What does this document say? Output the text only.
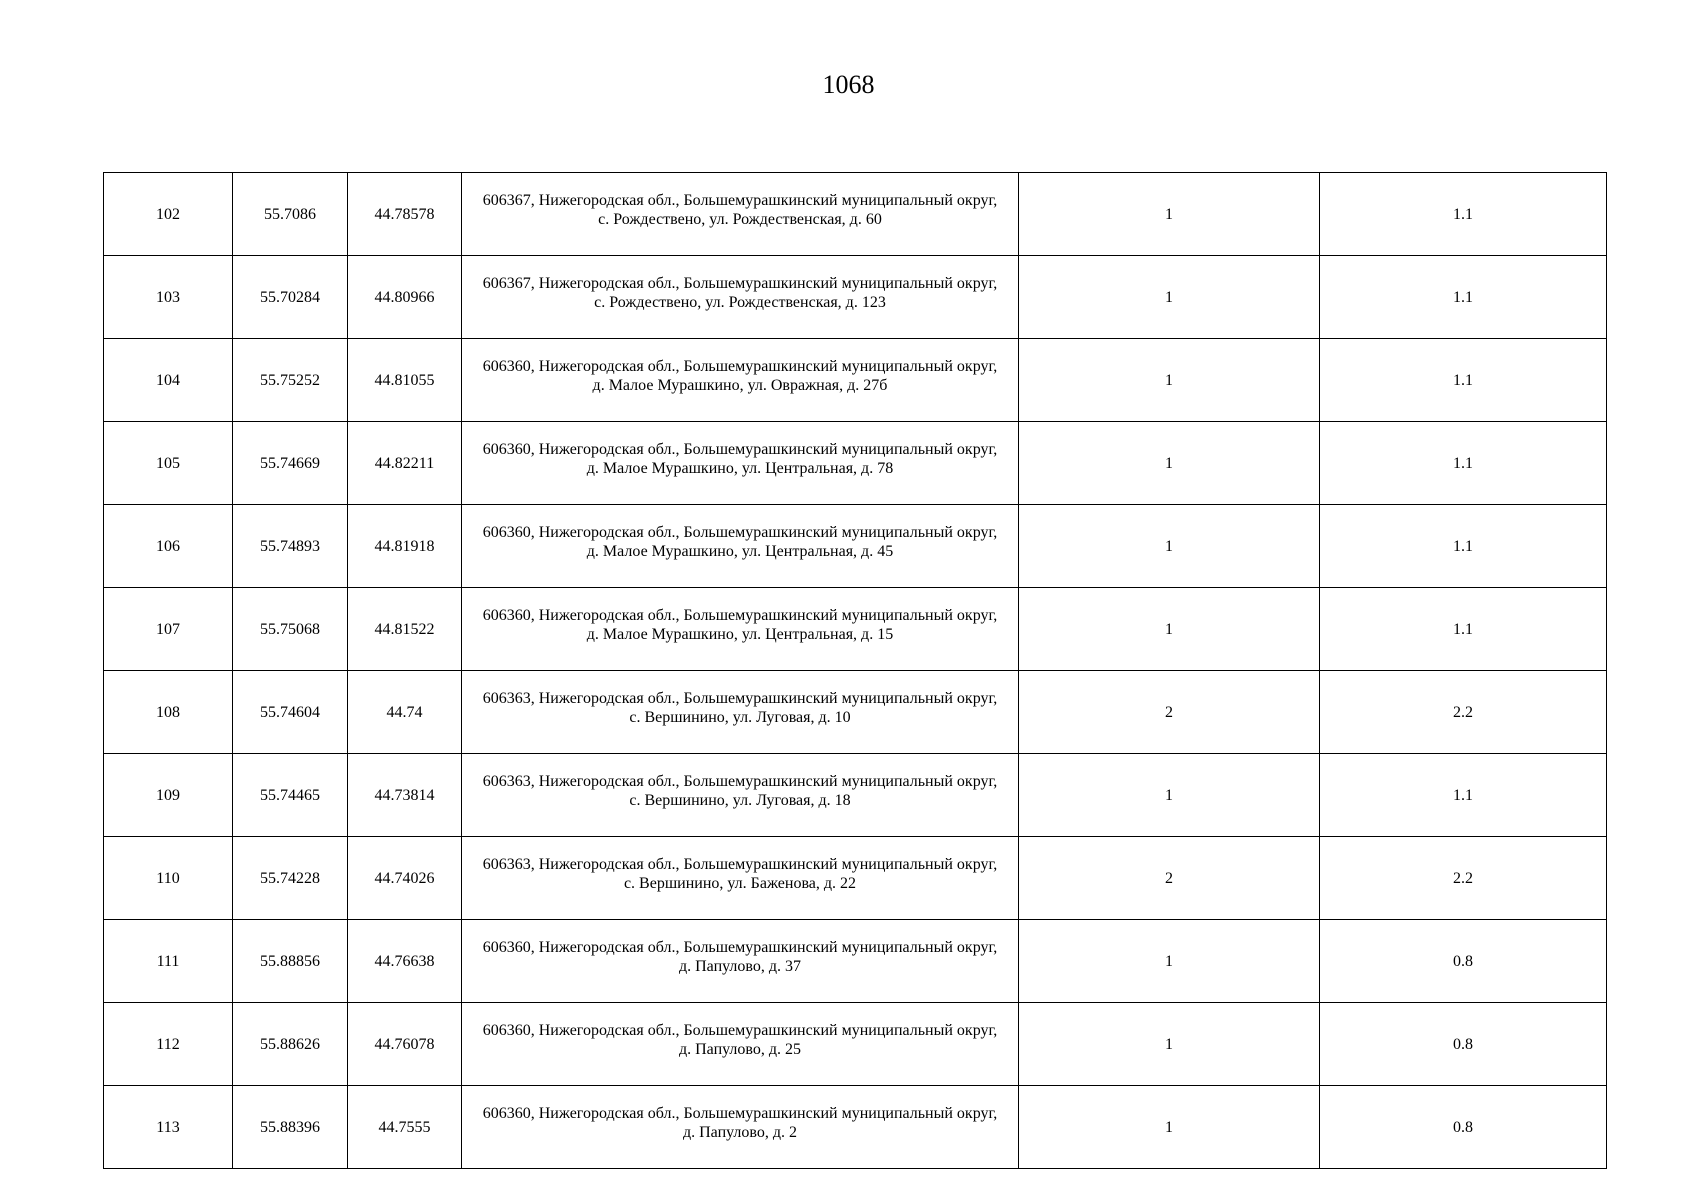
1068
102	55.7086	44.78578	606367, Нижегородская обл., Большемурашкинский муниципальный округ,
с. Рождествено, ул. Рождественская, д. 60	1	1.1
103	55.70284	44.80966	606367, Нижегородская обл., Большемурашкинский муниципальный округ,
с. Рождествено, ул. Рождественская, д. 123	1	1.1
104	55.75252	44.81055	606360, Нижегородская обл., Большемурашкинский муниципальный округ,
д. Малое Мурашкино, ул. Овражная, д. 27б	1	1.1
105	55.74669	44.82211	606360, Нижегородская обл., Большемурашкинский муниципальный округ,
д. Малое Мурашкино, ул. Центральная, д. 78	1	1.1
106	55.74893	44.81918	606360, Нижегородская обл., Большемурашкинский муниципальный округ,
д. Малое Мурашкино, ул. Центральная, д. 45	1	1.1
107	55.75068	44.81522	606360, Нижегородская обл., Большемурашкинский муниципальный округ,
д. Малое Мурашкино, ул. Центральная, д. 15	1	1.1
108	55.74604	44.74	606363, Нижегородская обл., Большемурашкинский муниципальный округ,
с. Вершинино, ул. Луговая, д. 10	2	2.2
109	55.74465	44.73814	606363, Нижегородская обл., Большемурашкинский муниципальный округ,
с. Вершинино, ул. Луговая, д. 18	1	1.1
110	55.74228	44.74026	606363, Нижегородская обл., Большемурашкинский муниципальный округ,
с. Вершинино, ул. Баженова, д. 22	2	2.2
111	55.88856	44.76638	606360, Нижегородская обл., Большемурашкинский муниципальный округ,
д. Папулово, д. 37	1	0.8
112	55.88626	44.76078	606360, Нижегородская обл., Большемурашкинский муниципальный округ,
д. Папулово, д. 25	1	0.8
113	55.88396	44.7555	606360, Нижегородская обл., Большемурашкинский муниципальный округ,
д. Папулово, д. 2	1	0.8
